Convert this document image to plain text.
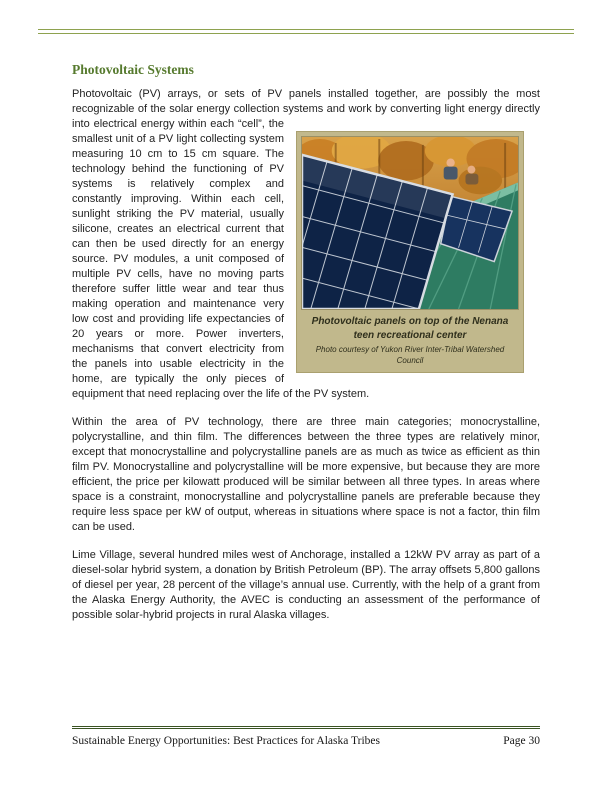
Photovoltaic Systems

Photovoltaic (PV) arrays, or sets of PV panels installed together, are possibly the most recognizable of the solar energy collection systems and work by converting light energy directly
Photovoltaic panels on top of the Nenana teen recreational center
Photo courtesy of Yukon River Inter-Tribal Watershed Council
into electrical energy within each “cell”, the smallest unit of a PV light collecting system measuring 10 cm to 15 cm square. The technology behind the functioning of PV systems is relatively complex and constantly improving. Within each cell, sunlight striking the PV material, usually silicone, creates an electrical current that can then be used directly for an energy source. PV modules, a unit composed of multiple PV cells, have no moving parts therefore suffer little wear and tear thus making operation and maintenance very low cost and providing life expectancies of 20 years or more. Power inverters, mechanisms that convert electricity from the panels into usable electricity in the home, are typically the only pieces of equipment that need replacing over the life of the PV system.

Within the area of PV technology, there are three main categories; monocrystalline, polycrystalline, and thin film. The differences between the three types are relatively minor, except that monocrystalline and polycrystalline panels are as much as twice as efficient as thin film PV. Monocrystalline and polycrystalline will be more expensive, but because they are more efficient, the price per kilowatt produced will be similar between all three types. In areas where space is a constraint, monocrystalline and polycrystalline panels are preferable because they require less space per kW of output, whereas in situations where space is not a factor, thin film can be used.

Lime Village, several hundred miles west of Anchorage, installed a 12kW PV array as part of a diesel-solar hybrid system, a donation by British Petroleum (BP). The array offsets 5,800 gallons of diesel per year, 28 percent of the village’s annual use. Currently, with the help of a grant from the Alaska Energy Authority, the AVEC is conducting an assessment of the performance of possible solar-hybrid projects in rural Alaska villages.

Sustainable Energy Opportunities: Best Practices for Alaska Tribes	Page 30
